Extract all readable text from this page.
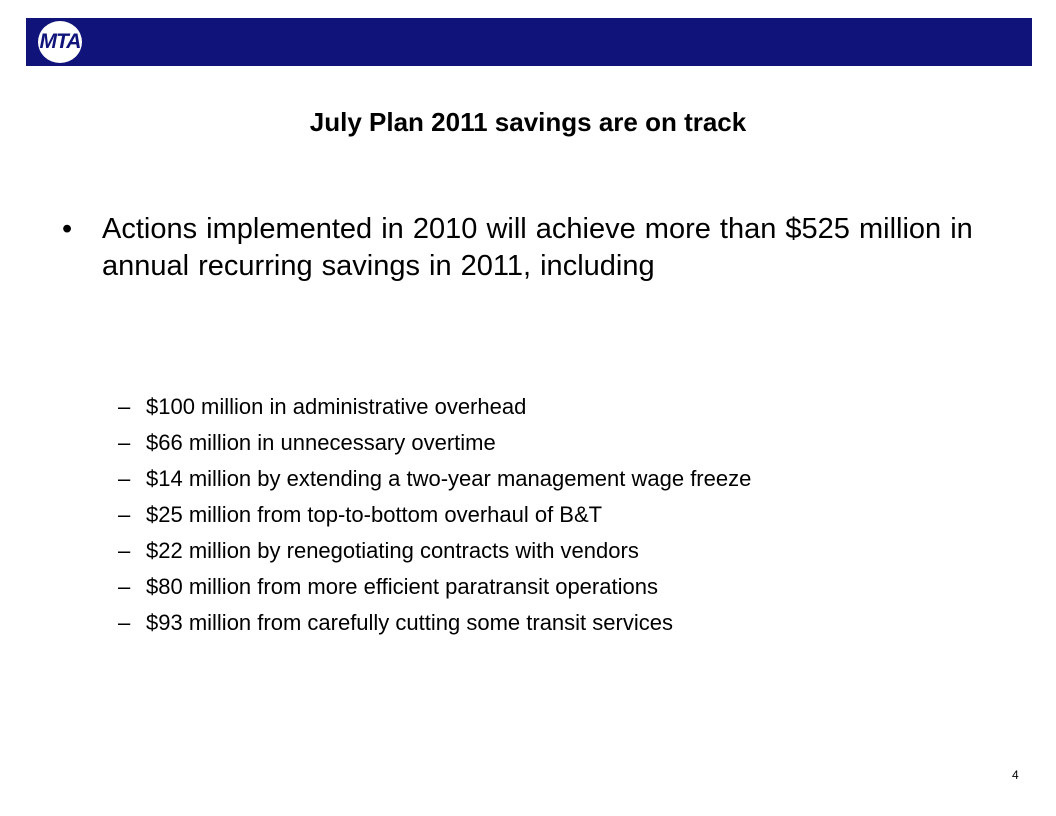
MTA
July Plan 2011 savings are on track
• Actions implemented in 2010 will achieve more than $525 million in annual recurring savings in 2011, including
– $100 million in administrative overhead
– $66 million in unnecessary overtime
– $14 million by extending a two-year management wage freeze
– $25 million from top-to-bottom overhaul of B&T
– $22 million by renegotiating contracts with vendors
– $80 million from more efficient paratransit operations
– $93 million from carefully cutting some transit services
4
